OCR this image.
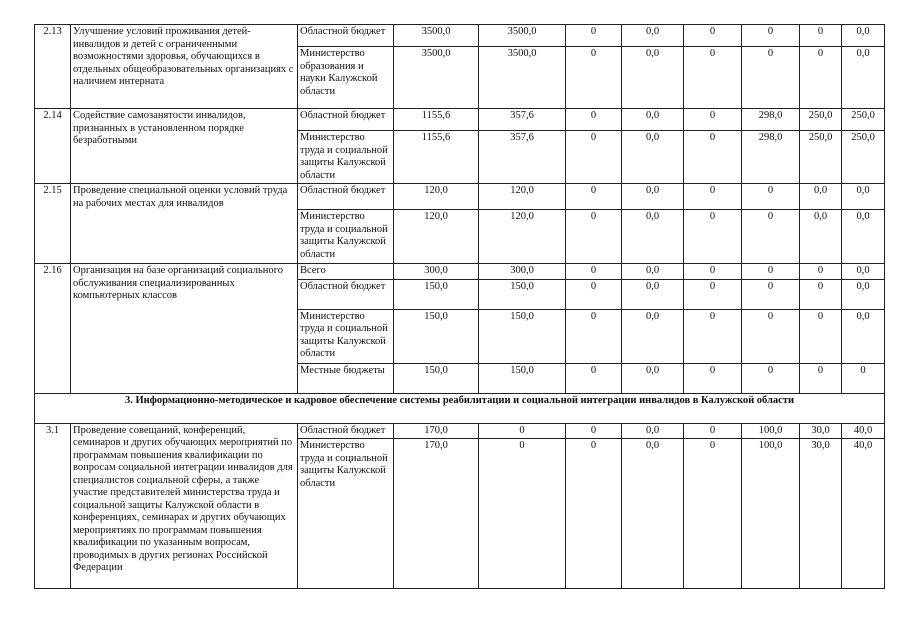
2.13	Улучшение условий проживания детей-инвалидов и детей с ограниченными возможностями здоровья, обучающихся в отдельных общеобразовательных организациях с наличием интерната	Областной бюджет	3500,0	3500,0	0	0,0	0	0	0	0,0
		Министерство образования и науки Калужской области	3500,0	3500,0	0	0,0	0	0	0	0,0
2.14	Содействие самозанятости инвалидов, признанных в установленном порядке безработными	Областной бюджет	1155,6	357,6	0	0,0	0	298,0	250,0	250,0
		Министерство труда и социальной защиты Калужской области	1155,6	357,6	0	0,0	0	298,0	250,0	250,0
2.15	Проведение специальной оценки условий труда на рабочих местах для инвалидов	Областной бюджет	120,0	120,0	0	0,0	0	0	0,0	0,0
		Министерство труда и социальной защиты Калужской области	120,0	120,0	0	0,0	0	0	0,0	0,0
2.16	Организация на базе организаций социального обслуживания специализированных компьютерных классов	Всего	300,0	300,0	0	0,0	0	0	0	0,0
		Областной бюджет	150,0	150,0	0	0,0	0	0	0	0,0
		Министерство труда и социальной защиты Калужской области	150,0	150,0	0	0,0	0	0	0	0,0
		Местные бюджеты	150,0	150,0	0	0,0	0	0	0	0
3. Информационно-методическое и кадровое обеспечение системы реабилитации и социальной интеграции инвалидов в Калужской области										
3.1	Проведение совещаний, конференций, семинаров и других обучающих мероприятий по программам повышения квалификации по вопросам социальной интеграции инвалидов для специалистов социальной сферы, а также участие представителей министерства труда и социальной защиты Калужской области в конференциях, семинарах и других обучающих мероприятиях по программам повышения квалификации по указанным вопросам, проводимых в других регионах Российской Федерации	Областной бюджет	170,0	0	0	0,0	0	100,0	30,0	40,0
		Министерство труда и социальной защиты Калужской области	170,0	0	0	0,0	0	100,0	30,0	40,0
